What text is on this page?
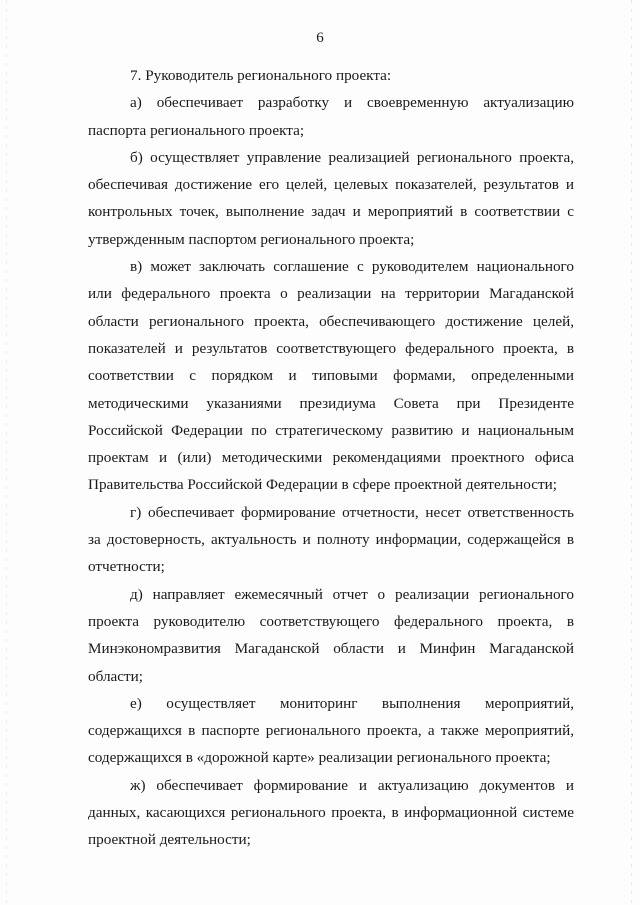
6

7. Руководитель регионального проекта:

а) обеспечивает разработку и своевременную актуализацию паспорта регионального проекта;

б) осуществляет управление реализацией регионального проекта, обеспечивая достижение его целей, целевых показателей, результатов и контрольных точек, выполнение задач и мероприятий в соответствии с утвержденным паспортом регионального проекта;

в) может заключать соглашение с руководителем национального или федерального проекта о реализации на территории Магаданской области регионального проекта, обеспечивающего достижение целей, показателей и результатов соответствующего федерального проекта, в соответствии с порядком и типовыми формами, определенными методическими указаниями президиума Совета при Президенте Российской Федерации по стратегическому развитию и национальным проектам и (или) методическими рекомендациями проектного офиса Правительства Российской Федерации в сфере проектной деятельности;

г) обеспечивает формирование отчетности, несет ответственность за достоверность, актуальность и полноту информации, содержащейся в отчетности;

д) направляет ежемесячный отчет о реализации регионального проекта руководителю соответствующего федерального проекта, в Минэкономразвития Магаданской области и Минфин Магаданской области;

е) осуществляет мониторинг выполнения мероприятий, содержащихся в паспорте регионального проекта, а также мероприятий, содержащихся в «дорожной карте» реализации регионального проекта;

ж) обеспечивает формирование и актуализацию документов и данных, касающихся регионального проекта, в информационной системе проектной деятельности;
